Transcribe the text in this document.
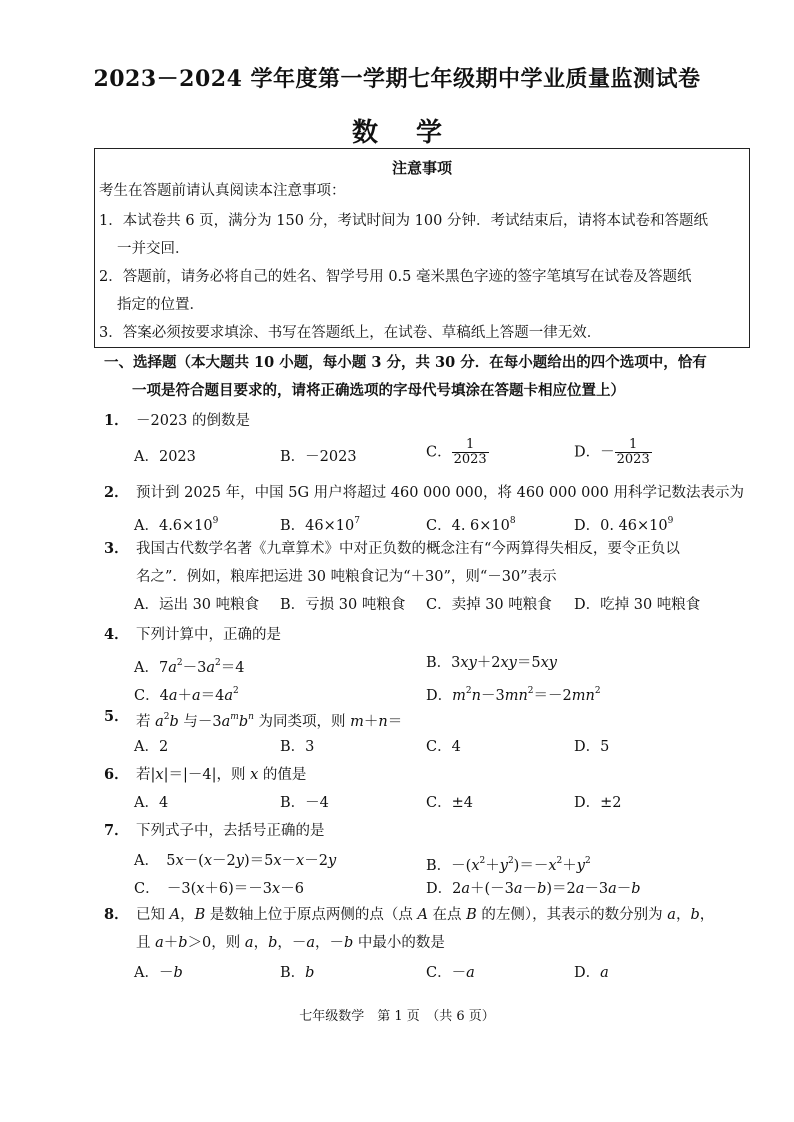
2023－2024 学年度第一学期七年级期中学业质量监测试卷
数学
注意事项

考生在答题前请认真阅读本注意事项：

1．本试卷共 6 页，满分为 150 分，考试时间为 100 分钟．考试结束后，请将本试卷和答题纸

一并交回．

2．答题前，请务必将自己的姓名、智学号用 0.5 毫米黑色字迹的签字笔填写在试卷及答题纸

指定的位置．

3．答案必须按要求填涂、书写在答题纸上，在试卷、草稿纸上答题一律无效．

一、选择题（本大题共 10 小题，每小题 3 分，共 30 分．在每小题给出的四个选项中，恰有
一项是符合题目要求的，请将正确选项的字母代号填涂在答题卡相应位置上）
1． －2023 的倒数是
A．2023	B．－2023	C． $\frac{1}{2023}$	D．－ $\frac{1}{2023}$
2． 预计到 2025 年，中国 5G 用户将超过 460 000 000，将 460 000 000 用科学记数法表示为
A．$4.6\times 10^9$	B．$46\times 10^7$	C．4. $6\times 10^8$	D．0. $46\times 10^9$
3． 我国古代数学名著《九章算术》中对正负数的概念注有“今两算得失相反，要令正负以
名之”．例如，粮库把运进 30 吨粮食记为“＋30”，则“－30”表示
A．运出 30 吨粮食 B．亏损 30 吨粮食 C．卖掉 30 吨粮食 D．吃掉 30 吨粮食
4． 下列计算中，正确的是
A．$7a^2-3a^2=4$	B．3xy＋2xy＝5xy
C．$4a+a=4a^2$	D．$m^2n-3mn^2=-2mn^2$
5． 若 $a^2b$ 与$-3a^mb^n$ 为同类项，则 m＋n＝
A．2	B．3	C．4	D．5
6． 若|x|＝|－4|，则 x 的值是
A．4	B．－4	C．±4	D．±2
7． 下列式子中，去括号正确的是
A．　5x－(x－2y)＝5x－x－2y	B．$-(x^2+y^2)=-x^2+y^2$
C．　－3(x＋6)＝－3x－6	D．2a＋(－3a－b)＝2a－3a－b
8． 已知 A，B 是数轴上位于原点两侧的点（点 A 在点 B 的左侧），其表示的数分别为 a，b，
且 a＋b＞0，则 a，b，－a，－b 中最小的数是
A．－b	B．b	C．－a	D．a
七年级数学　第 1 页　（共 6 页）
